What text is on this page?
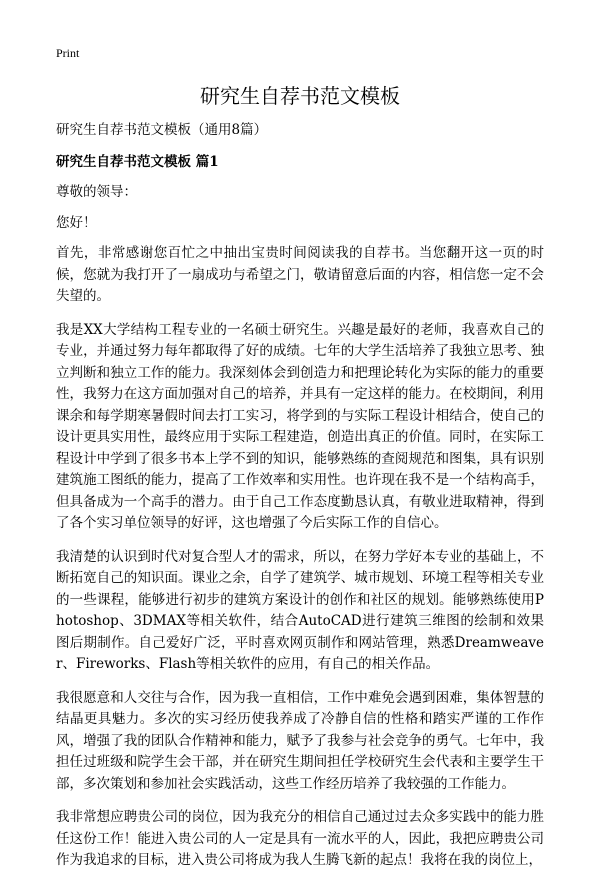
Print
研究生自荐书范文模板

研究生自荐书范文模板（通用8篇）

研究生自荐书范文模板 篇1

尊敬的领导：

您好！

首先，非常感谢您百忙之中抽出宝贵时间阅读我的自荐书。当您翻开这一页的时候，您就为我打开了一扇成功与希望之门，敬请留意后面的内容，相信您一定不会失望的。

我是XX大学结构工程专业的一名硕士研究生。兴趣是最好的老师，我喜欢自己的专业，并通过努力每年都取得了好的成绩。七年的大学生活培养了我独立思考、独立判断和独立工作的能力。我深刻体会到创造力和把理论转化为实际的能力的重要性，我努力在这方面加强对自己的培养，并具有一定这样的能力。在校期间，利用课余和每学期寒暑假时间去打工实习，将学到的与实际工程设计相结合，使自己的设计更具实用性，最终应用于实际工程建造，创造出真正的价值。同时，在实际工程设计中学到了很多书本上学不到的知识，能够熟练的查阅规范和图集，具有识别建筑施工图纸的能力，提高了工作效率和实用性。也许现在我不是一个结构高手，但具备成为一个高手的潜力。由于自己工作态度勤恳认真，有敬业进取精神，得到了各个实习单位领导的好评，这也增强了今后实际工作的自信心。

我清楚的认识到时代对复合型人才的需求，所以，在努力学好本专业的基础上，不断拓宽自己的知识面。课业之余，自学了建筑学、城市规划、环境工程等相关专业的一些课程，能够进行初步的建筑方案设计的创作和社区的规划。能够熟练使用Photoshop、3DMAX等相关软件，结合AutoCAD进行建筑三维图的绘制和效果图后期制作。自己爱好广泛，平时喜欢网页制作和网站管理，熟悉Dreamweaver、Fireworks、Flash等相关软件的应用，有自己的相关作品。

我很愿意和人交往与合作，因为我一直相信，工作中难免会遇到困难，集体智慧的结晶更具魅力。多次的实习经历使我养成了冷静自信的性格和踏实严谨的工作作风，增强了我的团队合作精神和能力，赋予了我参与社会竞争的勇气。七年中，我担任过班级和院学生会干部，并在研究生期间担任学校研究生会代表和主要学生干部，多次策划和参加社会实践活动，这些工作经历培养了我较强的工作能力。

我非常想应聘贵公司的岗位，因为我充分的相信自己通过过去众多实践中的能力胜任这份工作！能进入贵公司的人一定是具有一流水平的人，因此，我把应聘贵公司作为我追求的目标，进入贵公司将成为我人生腾飞新的起点！我将在我的岗位上，
